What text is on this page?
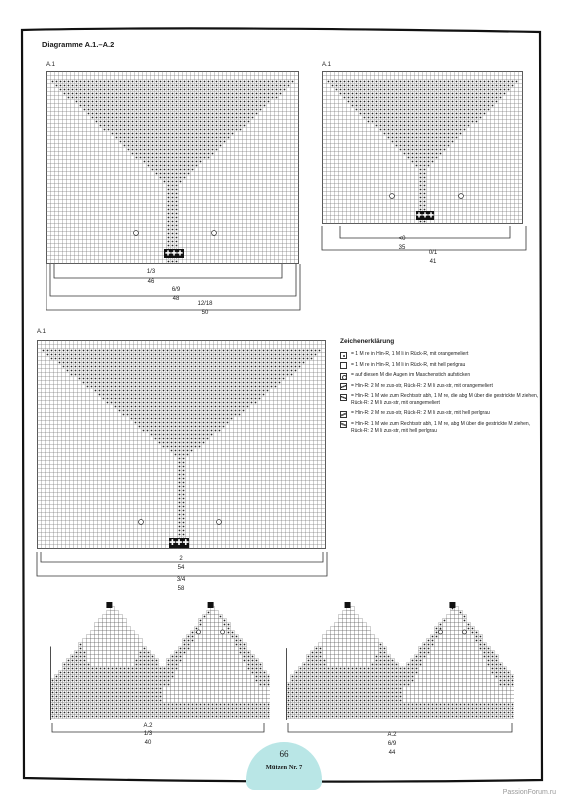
Diagramme A.1.–A.2
A.1
✚✚✚
1/3
46
6/9
48
12/18
50
A.1
✚✚✚
<0
35
0/1
41
A.1
✚✚✚
2
54
3/4
58
Zeichenerklärung
= 1 M re in Hin-R, 1 M li in Rück-R, mit orangemeliert
= 1 M re in Hin-R, 1 M li in Rück-R, mit hell perlgrau
= auf diesen M die Augen im Maschenstich aufsticken
= Hin-R: 2 M re zus-str, Rück-R: 2 M li zus-str, mit orangemeliert
= Hin-R: 1 M wie zum Rechtsstr abh, 1 M re, die abg M über die gestrickte M ziehen, Rück-R: 2 M li zus-str, mit orangemeliert
= Hin-R: 2 M re zus-str, Rück-R: 2 M li zus-str, mit hell perlgrau
= Hin-R: 1 M wie zum Rechtsstr abh, 1 M re, abg M über die gestrickte M ziehen, Rück-R: 2 M li zus-str, mit hell perlgrau
A.2
1/3
40
A.2
6/9
44
66
Mützen Nr. 7
PassionForum.ru
